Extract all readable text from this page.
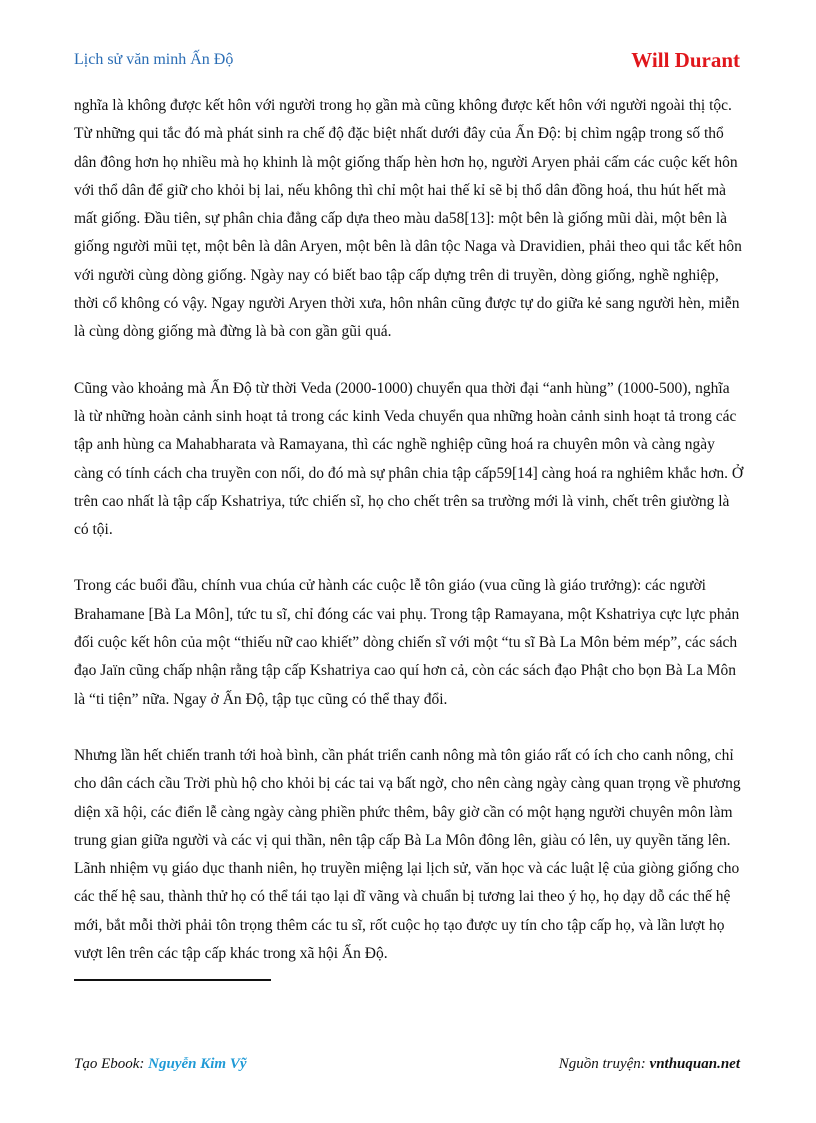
Lịch sử văn minh Ấn Độ	Will Durant

nghĩa là không được kết hôn với người trong họ gần mà cũng không được kết hôn với người ngoài thị tộc. Từ những qui tắc đó mà phát sinh ra chế độ đặc biệt nhất dưới đây của Ấn Độ: bị chìm ngập trong số thổ dân đông hơn họ nhiều mà họ khinh là một giống thấp hèn hơn họ, người Aryen phải cấm các cuộc kết hôn với thổ dân để giữ cho khỏi bị lai, nếu không thì chỉ một hai thế kỉ sẽ bị thổ dân đồng hoá, thu hút hết mà mất giống. Đầu tiên, sự phân chia đẳng cấp dựa theo màu da58[13]: một bên là giống mũi dài, một bên là giống người mũi tẹt, một bên là dân Aryen, một bên là dân tộc Naga và Dravidien, phải theo qui tắc kết hôn với người cùng dòng giống. Ngày nay có biết bao tập cấp dựng trên di truyền, dòng giống, nghề nghiệp, thời cổ không có vậy. Ngay người Aryen thời xưa, hôn nhân cũng được tự do giữa kẻ sang người hèn, miễn là cùng dòng giống mà đừng là bà con gần gũi quá.

Cũng vào khoảng mà Ấn Độ từ thời Veda (2000-1000) chuyển qua thời đại “anh hùng” (1000-500), nghĩa là từ những hoàn cảnh sinh hoạt tả trong các kinh Veda chuyển qua những hoàn cảnh sinh hoạt tả trong các tập anh hùng ca Mahabharata và Ramayana, thì các nghề nghiệp cũng hoá ra chuyên môn và càng ngày càng có tính cách cha truyền con nối, do đó mà sự phân chia tập cấp59[14] càng hoá ra nghiêm khắc hơn. Ở trên cao nhất là tập cấp Kshatriya, tức chiến sĩ, họ cho chết trên sa trường mới là vinh, chết trên giường là có tội.

Trong các buổi đầu, chính vua chúa cử hành các cuộc lễ tôn giáo (vua cũng là giáo trưởng): các người Brahamane [Bà La Môn], tức tu sĩ, chỉ đóng các vai phụ. Trong tập Ramayana, một Kshatriya cực lực phản đối cuộc kết hôn của một “thiếu nữ cao khiết” dòng chiến sĩ với một “tu sĩ Bà La Môn bẻm mép”, các sách đạo Jaïn cũng chấp nhận rằng tập cấp Kshatriya cao quí hơn cả, còn các sách đạo Phật cho bọn Bà La Môn là “ti tiện” nữa. Ngay ở Ấn Độ, tập tục cũng có thể thay đổi.

Nhưng lần hết chiến tranh tới hoà bình, cần phát triển canh nông mà tôn giáo rất có ích cho canh nông, chỉ cho dân cách cầu Trời phù hộ cho khỏi bị các tai vạ bất ngờ, cho nên càng ngày càng quan trọng về phương diện xã hội, các điển lễ càng ngày càng phiền phức thêm, bây giờ cần có một hạng người chuyên môn làm trung gian giữa người và các vị qui thần, nên tập cấp Bà La Môn đông lên, giàu có lên, uy quyền tăng lên. Lãnh nhiệm vụ giáo dục thanh niên, họ truyền miệng lại lịch sử, văn học và các luật lệ của giòng giống cho các thế hệ sau, thành thử họ có thể tái tạo lại dĩ vãng và chuẩn bị tương lai theo ý họ, họ dạy dỗ các thế hệ mới, bắt mỗi thời phải tôn trọng thêm các tu sĩ, rốt cuộc họ tạo được uy tín cho tập cấp họ, và lần lượt họ vượt lên trên các tập cấp khác trong xã hội Ấn Độ.

Tạo Ebook: Nguyễn Kim Vỹ	Nguồn truyện: vnthuquan.net
